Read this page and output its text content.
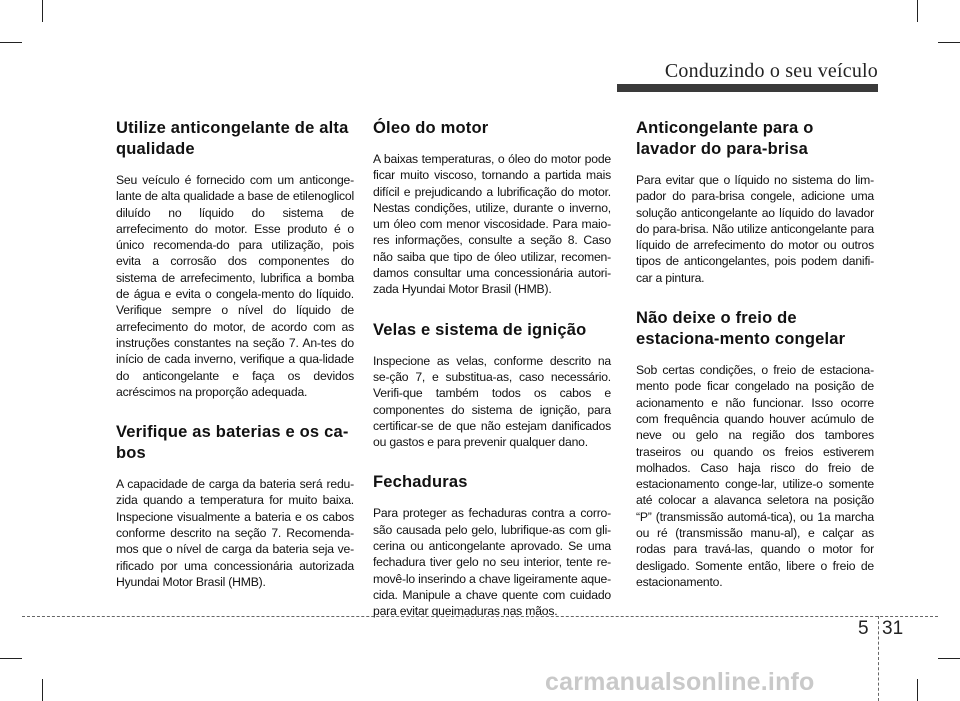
Conduzindo o seu veículo
Utilize anticongelante de alta qualidade

Seu veículo é fornecido com um anticonge-lante de alta qualidade a base de etilenoglicol diluído no líquido do sistema de arrefecimento do motor. Esse produto é o único recomenda-do para utilização, pois evita a corrosão dos componentes do sistema de arrefecimento, lubrifica a bomba de água e evita o congela-mento do líquido. Verifique sempre o nível do líquido de arrefecimento do motor, de acordo com as instruções constantes na seção 7. An-tes do início de cada inverno, verifique a qua-lidade do anticongelante e faça os devidos acréscimos na proporção adequada.

Verifique as baterias e os ca-bos

A capacidade de carga da bateria será redu-zida quando a temperatura for muito baixa. Inspecione visualmente a bateria e os cabos conforme descrito na seção 7. Recomenda-mos que o nível de carga da bateria seja ve-rificado por uma concessionária autorizada Hyundai Motor Brasil (HMB).

Óleo do motor

A baixas temperaturas, o óleo do motor pode ficar muito viscoso, tornando a partida mais difícil e prejudicando a lubrificação do motor. Nestas condições, utilize, durante o inverno, um óleo com menor viscosidade. Para maio-res informações, consulte a seção 8. Caso não saiba que tipo de óleo utilizar, recomen-damos consultar uma concessionária autori-zada Hyundai Motor Brasil (HMB).

Velas e sistema de ignição

Inspecione as velas, conforme descrito na se-ção 7, e substitua-as, caso necessário. Verifi-que também todos os cabos e componentes do sistema de ignição, para certificar-se de que não estejam danificados ou gastos e para prevenir qualquer dano.

Fechaduras

Para proteger as fechaduras contra a corro-são causada pelo gelo, lubrifique-as com gli-cerina ou anticongelante aprovado. Se uma fechadura tiver gelo no seu interior, tente re-movê-lo inserindo a chave ligeiramente aque-cida. Manipule a chave quente com cuidado para evitar queimaduras nas mãos.

Anticongelante para o lavador do para-brisa

Para evitar que o líquido no sistema do lim-pador do para-brisa congele, adicione uma solução anticongelante ao líquido do lavador do para-brisa. Não utilize anticongelante para líquido de arrefecimento do motor ou outros tipos de anticongelantes, pois podem danifi-car a pintura.

Não deixe o freio de estaciona-mento congelar

Sob certas condições, o freio de estaciona-mento pode ficar congelado na posição de acionamento e não funcionar. Isso ocorre com frequência quando houver acúmulo de neve ou gelo na região dos tambores traseiros ou quando os freios estiverem molhados. Caso haja risco do freio de estacionamento conge-lar, utilize-o somente até colocar a alavanca seletora na posição “P” (transmissão automá-tica), ou 1a marcha ou ré (transmissão manu-al), e calçar as rodas para travá-las, quando o motor for desligado. Somente então, libere o freio de estacionamento.

5 31
carmanualsonline.info
